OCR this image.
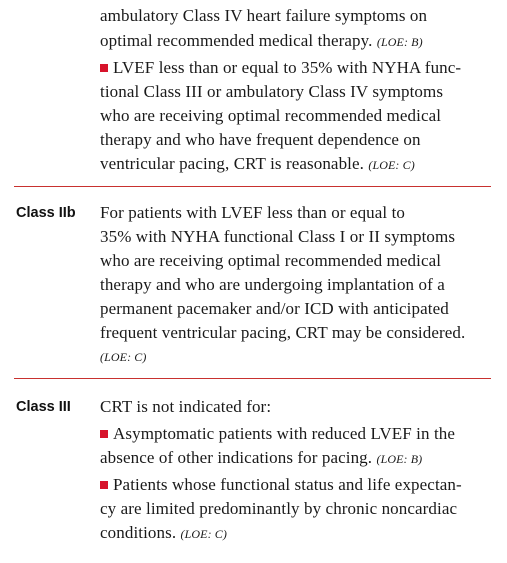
ambulatory Class IV heart failure symptoms on
optimal recommended medical therapy. (LOE: B)
LVEF less than or equal to 35% with NYHA func-
tional Class III or ambulatory Class IV symptoms
who are receiving optimal recommended medical
therapy and who have frequent dependence on
ventricular pacing, CRT is reasonable. (LOE: C)
Class IIb For patients with LVEF less than or equal to
35% with NYHA functional Class I or II symptoms
who are receiving optimal recommended medical
therapy and who are undergoing implantation of a
permanent pacemaker and/or ICD with anticipated
frequent ventricular pacing, CRT may be considered.
(LOE: C)
Class III CRT is not indicated for:
Asymptomatic patients with reduced LVEF in the
absence of other indications for pacing. (LOE: B)
Patients whose functional status and life expectan-
cy are limited predominantly by chronic noncardiac
conditions. (LOE: C)
